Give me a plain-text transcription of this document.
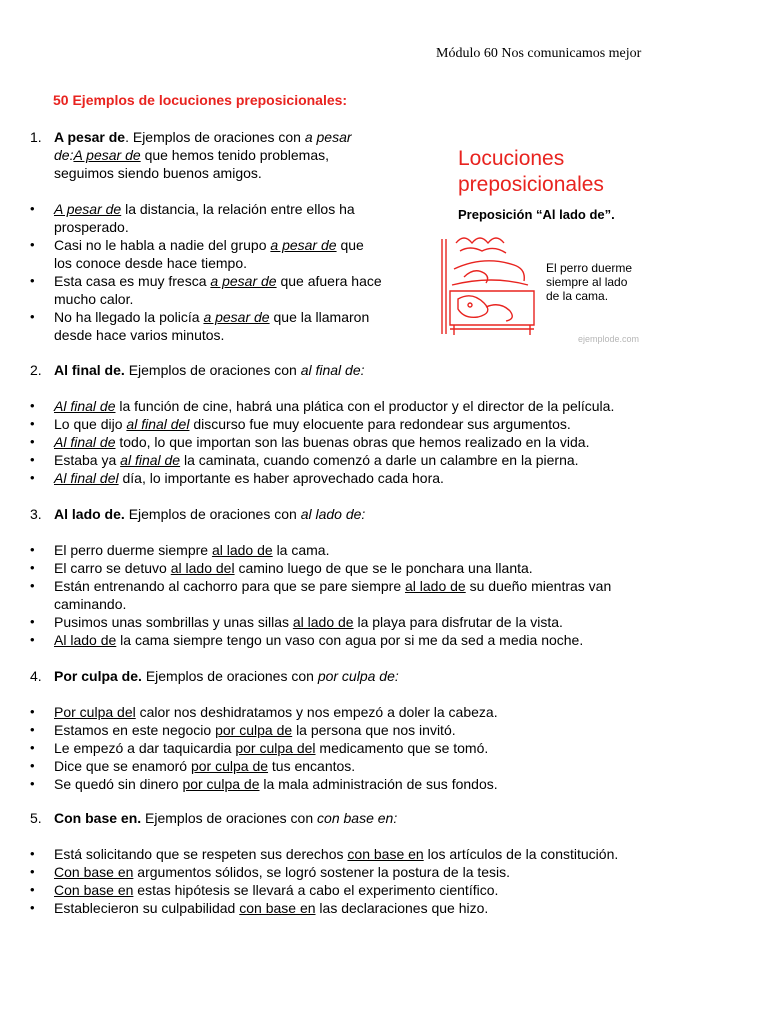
Módulo 60 Nos comunicamos mejor
50 Ejemplos de locuciones preposicionales:
Locuciones
preposicionales
Preposición “Al lado de”.
El perro duerme
siempre al lado
de la cama.
ejemplode.com
1. A pesar de. Ejemplos de oraciones con a pesar
de:A pesar de que hemos tenido problemas,
seguimos siendo buenos amigos.
• A pesar de la distancia, la relación entre ellos ha
prosperado.
• Casi no le habla a nadie del grupo a pesar de que
los conoce desde hace tiempo.
• Esta casa es muy fresca a pesar de que afuera hace
mucho calor.
• No ha llegado la policía a pesar de que la llamaron
desde hace varios minutos.
2. Al final de. Ejemplos de oraciones con al final de:
• Al final de la función de cine, habrá una plática con el productor y el director de la película.
• Lo que dijo al final del discurso fue muy elocuente para redondear sus argumentos.
• Al final de todo, lo que importan son las buenas obras que hemos realizado en la vida.
• Estaba ya al final de la caminata, cuando comenzó a darle un calambre en la pierna.
• Al final del día, lo importante es haber aprovechado cada hora.
3. Al lado de. Ejemplos de oraciones con al lado de:
• El perro duerme siempre al lado de la cama.
• El carro se detuvo al lado del camino luego de que se le ponchara una llanta.
• Están entrenando al cachorro para que se pare siempre al lado de su dueño mientras van
caminando.
• Pusimos unas sombrillas y unas sillas al lado de la playa para disfrutar de la vista.
• Al lado de la cama siempre tengo un vaso con agua por si me da sed a media noche.
4. Por culpa de. Ejemplos de oraciones con por culpa de:
• Por culpa del calor nos deshidratamos y nos empezó a doler la cabeza.
• Estamos en este negocio por culpa de la persona que nos invitó.
• Le empezó a dar taquicardia por culpa del medicamento que se tomó.
• Dice que se enamoró por culpa de tus encantos.
• Se quedó sin dinero por culpa de la mala administración de sus fondos.
5. Con base en. Ejemplos de oraciones con con base en:
• Está solicitando que se respeten sus derechos con base en los artículos de la constitución.
• Con base en argumentos sólidos, se logró sostener la postura de la tesis.
• Con base en estas hipótesis se llevará a cabo el experimento científico.
• Establecieron su culpabilidad con base en las declaraciones que hizo.
